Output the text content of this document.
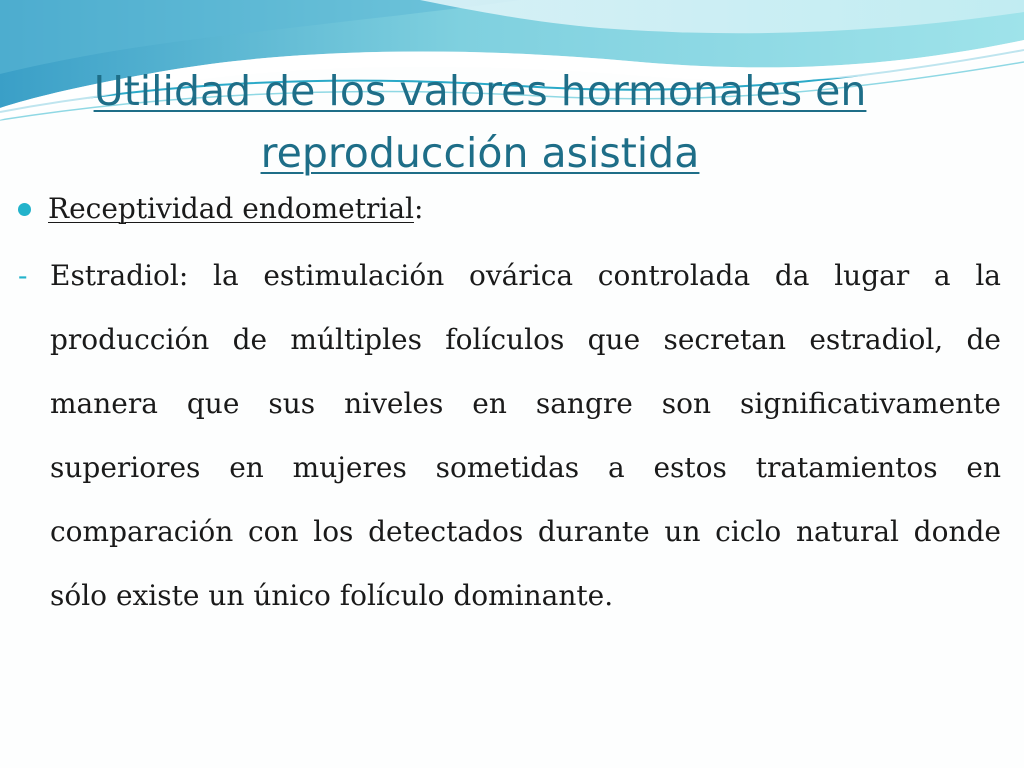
Utilidad de los valores hormonales en
reproducción asistida
Receptividad endometrial:
- Estradiol: la estimulación ovárica controlada da lugar a la producción de múltiples folículos que secretan estradiol, de manera que sus niveles en sangre son significativamente superiores en mujeres sometidas a estos tratamientos en comparación con los detectados durante un ciclo natural donde sólo existe un único folículo dominante.
